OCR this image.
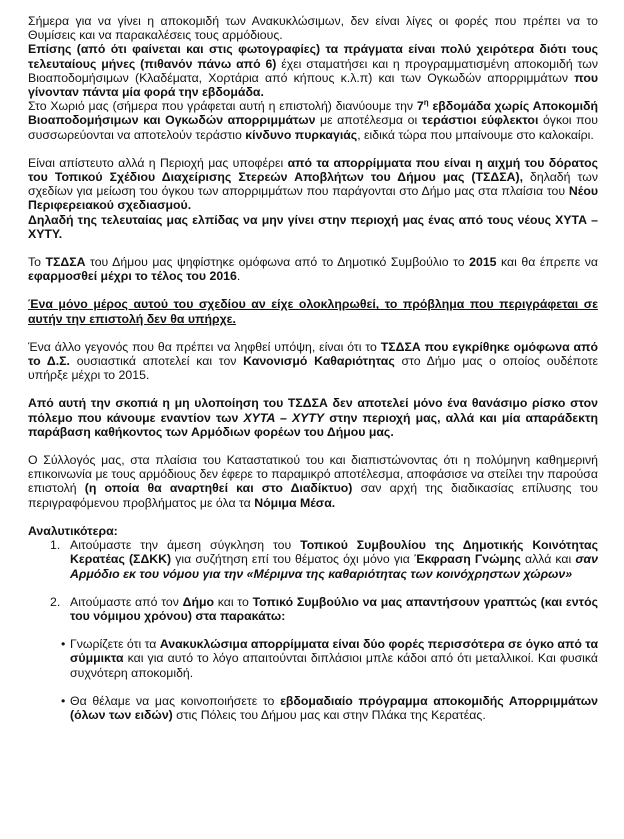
Σήμερα για να γίνει η αποκομιδή των Ανακυκλώσιμων, δεν είναι λίγες οι φορές που πρέπει να το Θυμίσεις και να παρακαλέσεις τους αρμόδιους.

Επίσης (από ότι φαίνεται και στις φωτογραφίες) τα πράγματα είναι πολύ χειρότερα διότι τους τελευταίους μήνες (πιθανόν πάνω από 6) έχει σταματήσει και η προγραμματισμένη αποκομιδή των Βιοαποδομήσιμων (Κλαδέματα, Χορτάρια από κήπους κ.λ.π) και των Ογκωδών απορριμμάτων που γίνονταν πάντα μία φορά την εβδομάδα.

Στο Χωριό μας (σήμερα που γράφεται αυτή η επιστολή) διανύουμε την $7^\eta$ εβδομάδα χωρίς Αποκομιδή Βιοαποδομήσιμων και Ογκωδών απορριμμάτων με αποτέλεσμα οι τεράστιοι εύφλεκτοι όγκοι που συσσωρεύονται να αποτελούν τεράστιο κίνδυνο πυρκαγιάς, ειδικά τώρα που μπαίνουμε στο καλοκαίρι.

Είναι απίστευτο αλλά η Περιοχή μας υποφέρει από τα απορρίμματα που είναι η αιχμή του δόρατος του Τοπικού Σχέδιου Διαχείρισης Στερεών Αποβλήτων του Δήμου μας (ΤΣΔΣΑ), δηλαδή των σχεδίων για μείωση του όγκου των απορριμμάτων που παράγονται στο Δήμο μας στα πλαίσια του Νέου Περιφερειακού σχεδιασμού.

Δηλαδή της τελευταίας μας ελπίδας να μην γίνει στην περιοχή μας ένας από τους νέους ΧΥΤΑ – ΧΥΤΥ.

Το ΤΣΔΣΑ του Δήμου μας ψηφίστηκε ομόφωνα από το Δημοτικό Συμβούλιο το 2015 και θα έπρεπε να εφαρμοσθεί μέχρι το τέλος του 2016.

Ένα μόνο μέρος αυτού του σχεδίου αν είχε ολοκληρωθεί, το πρόβλημα που περιγράφεται σε αυτήν την επιστολή δεν θα υπήρχε.

Ένα άλλο γεγονός που θα πρέπει να ληφθεί υπόψη, είναι ότι το ΤΣΔΣΑ που εγκρίθηκε ομόφωνα από το Δ.Σ. ουσιαστικά αποτελεί και τον Κανονισμό Καθαριότητας στο Δήμο μας ο οποίος ουδέποτε υπήρξε μέχρι το 2015.

Από αυτή την σκοπιά η μη υλοποίηση του ΤΣΔΣΑ δεν αποτελεί μόνο ένα θανάσιμο ρίσκο στον πόλεμο που κάνουμε εναντίον των ΧΥΤΑ – ΧΥΤΥ στην περιοχή μας, αλλά και μία απαράδεκτη παράβαση καθήκοντος των Αρμόδιων φορέων του Δήμου μας.

Ο Σύλλογός μας, στα πλαίσια του Καταστατικού του και διαπιστώνοντας ότι η πολύμηνη καθημερινή επικοινωνία με τους αρμόδιους δεν έφερε το παραμικρό αποτέλεσμα, αποφάσισε να στείλει την παρούσα επιστολή (η οποία θα αναρτηθεί και στο Διαδίκτυο) σαν αρχή της διαδικασίας επίλυσης του περιγραφόμενου προβλήματος με όλα τα Νόμιμα Μέσα.

Αναλυτικότερα:

1. Αιτούμαστε την άμεση σύγκληση του Τοπικού Συμβουλίου της Δημοτικής Κοινότητας Κερατέας (ΣΔΚΚ) για συζήτηση επί του θέματος όχι μόνο για Έκφραση Γνώμης αλλά και σαν Αρμόδιο εκ του νόμου για την «Μέριμνα της καθαριότητας των κοινόχρηστων χώρων»

2. Αιτούμαστε από τον Δήμο και το Τοπικό Συμβούλιο να μας απαντήσουν γραπτώς (και εντός του νόμιμου χρόνου) στα παρακάτω:

• Γνωρίζετε ότι τα Ανακυκλώσιμα απορρίμματα είναι δύο φορές περισσότερα σε όγκο από τα σύμμικτα και για αυτό το λόγο απαιτούνται διπλάσιοι μπλε κάδοι από ότι μεταλλικοί. Και φυσικά συχνότερη αποκομιδή.

• Θα θέλαμε να μας κοινοποιήσετε το εβδομαδιαίο πρόγραμμα αποκομιδής Απορριμμάτων (όλων των ειδών) στις Πόλεις του Δήμου μας και στην Πλάκα της Κερατέας.
